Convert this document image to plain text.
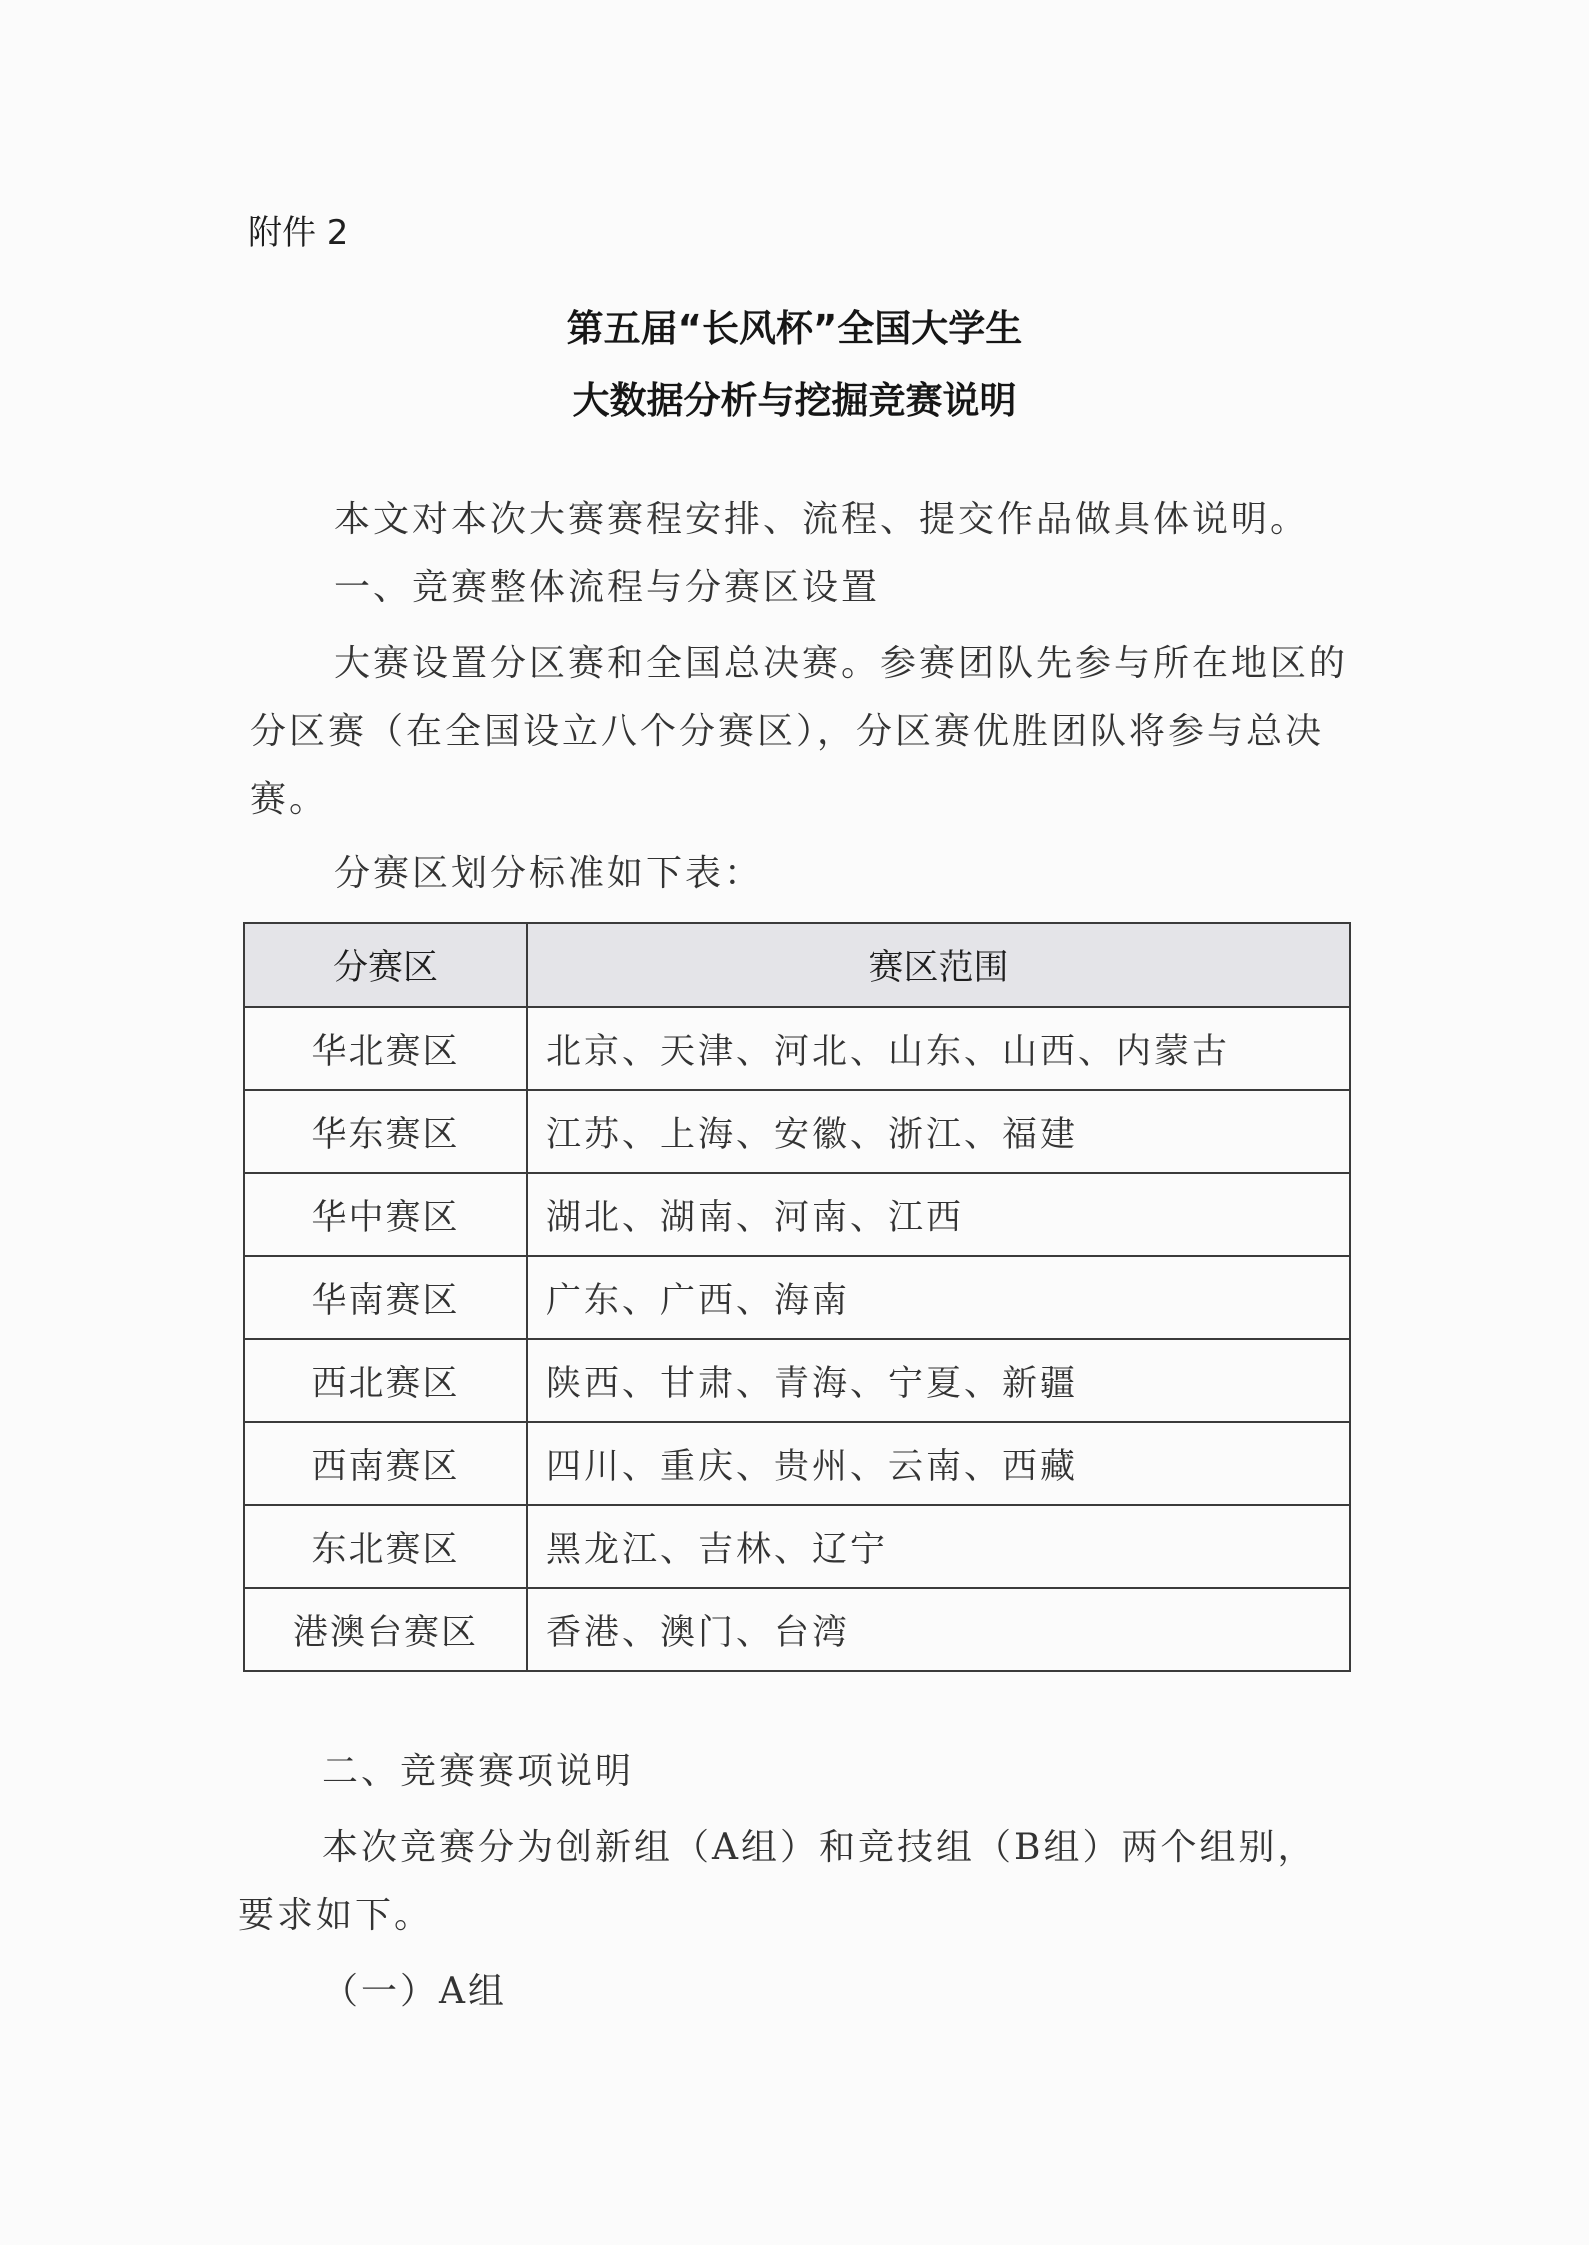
附件 2
第五届“长风杯”全国大学生
大数据分析与挖掘竞赛说明
本文对本次大赛赛程安排、流程、提交作品做具体说明。
一、竞赛整体流程与分赛区设置
大赛设置分区赛和全国总决赛。参赛团队先参与所在地区的分区赛（在全国设立八个分赛区），分区赛优胜团队将参与总决赛。
分赛区划分标准如下表：
分赛区	赛区范围
华北赛区	北京、天津、河北、山东、山西、内蒙古
华东赛区	江苏、上海、安徽、浙江、福建
华中赛区	湖北、湖南、河南、江西
华南赛区	广东、广西、海南
西北赛区	陕西、甘肃、青海、宁夏、新疆
西南赛区	四川、重庆、贵州、云南、西藏
东北赛区	黑龙江、吉林、辽宁
港澳台赛区	香港、澳门、台湾
二、竞赛赛项说明
本次竞赛分为创新组（A组）和竞技组（B组）两个组别，要求如下。
（一）A组
